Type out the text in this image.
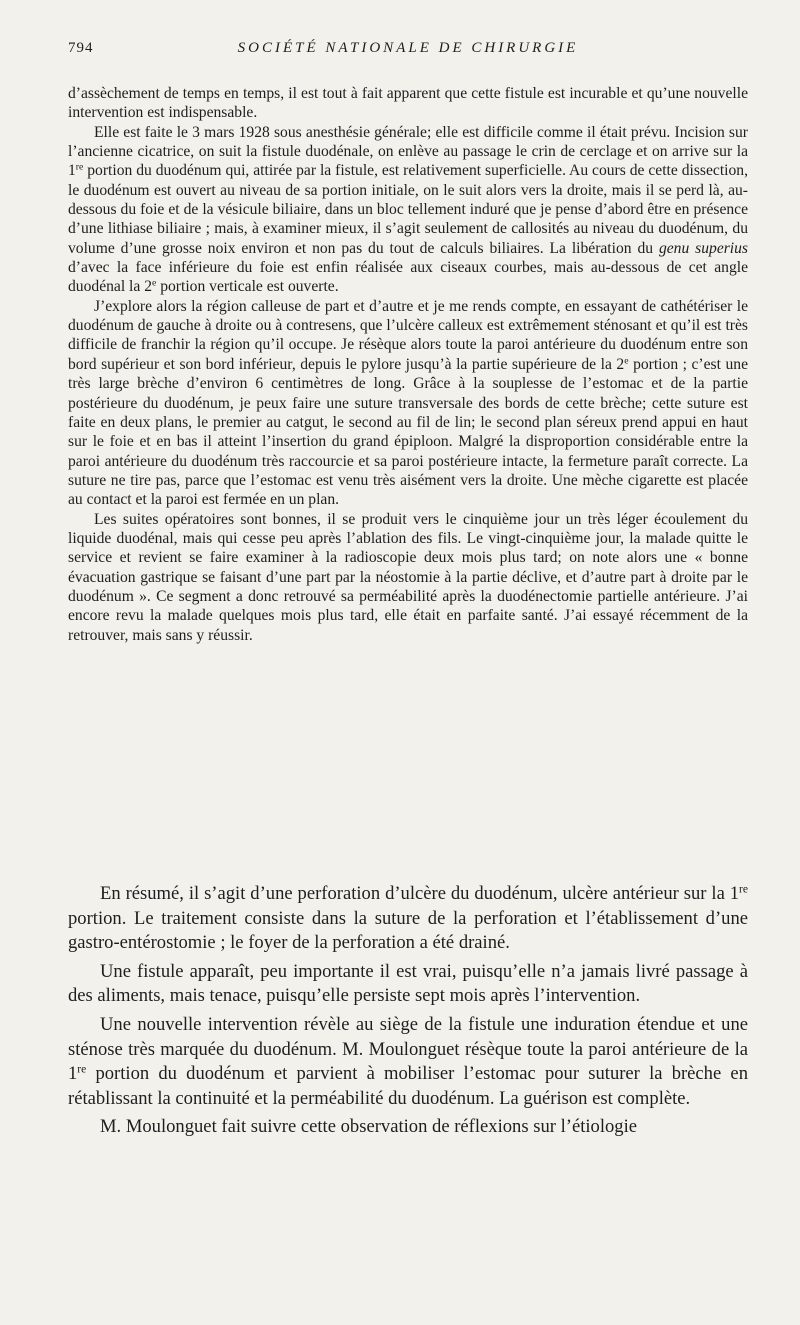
794	SOCIÉTÉ NATIONALE DE CHIRURGIE

d’assèchement de temps en temps, il est tout à fait apparent que cette fistule est incurable et qu’une nouvelle intervention est indispensable.

Elle est faite le 3 mars 1928 sous anesthésie générale; elle est difficile comme il était prévu. Incision sur l’ancienne cicatrice, on suit la fistule duodénale, on enlève au passage le crin de cerclage et on arrive sur la 1re portion du duodénum qui, attirée par la fistule, est relativement superficielle. Au cours de cette dissection, le duodénum est ouvert au niveau de sa portion initiale, on le suit alors vers la droite, mais il se perd là, au-dessous du foie et de la vésicule biliaire, dans un bloc tellement induré que je pense d’abord être en présence d’une lithiase biliaire ; mais, à examiner mieux, il s’agit seulement de callosités au niveau du duodénum, du volume d’une grosse noix environ et non pas du tout de calculs biliaires. La libération du genu superius d’avec la face inférieure du foie est enfin réalisée aux ciseaux courbes, mais au-dessous de cet angle duodénal la 2e portion verticale est ouverte.

J’explore alors la région calleuse de part et d’autre et je me rends compte, en essayant de cathétériser le duodénum de gauche à droite ou à contresens, que l’ulcère calleux est extrêmement sténosant et qu’il est très difficile de franchir la région qu’il occupe. Je résèque alors toute la paroi antérieure du duodénum entre son bord supérieur et son bord inférieur, depuis le pylore jusqu’à la partie supérieure de la 2e portion ; c’est une très large brèche d’environ 6 centimètres de long. Grâce à la souplesse de l’estomac et de la partie postérieure du duodénum, je peux faire une suture transversale des bords de cette brèche; cette suture est faite en deux plans, le premier au catgut, le second au fil de lin; le second plan séreux prend appui en haut sur le foie et en bas il atteint l’insertion du grand épiploon. Malgré la disproportion considérable entre la paroi antérieure du duodénum très raccourcie et sa paroi postérieure intacte, la fermeture paraît correcte. La suture ne tire pas, parce que l’estomac est venu très aisément vers la droite. Une mèche cigarette est placée au contact et la paroi est fermée en un plan.

Les suites opératoires sont bonnes, il se produit vers le cinquième jour un très léger écoulement du liquide duodénal, mais qui cesse peu après l’ablation des fils. Le vingt-cinquième jour, la malade quitte le service et revient se faire examiner à la radioscopie deux mois plus tard; on note alors une « bonne évacuation gastrique se faisant d’une part par la néostomie à la partie déclive, et d’autre part à droite par le duodénum ». Ce segment a donc retrouvé sa perméabilité après la duodénectomie partielle antérieure. J’ai encore revu la malade quelques mois plus tard, elle était en parfaite santé. J’ai essayé récemment de la retrouver, mais sans y réussir.

En résumé, il s’agit d’une perforation d’ulcère du duodénum, ulcère antérieur sur la 1re portion. Le traitement consiste dans la suture de la perforation et l’établissement d’une gastro-entérostomie ; le foyer de la perforation a été drainé.

Une fistule apparaît, peu importante il est vrai, puisqu’elle n’a jamais livré passage à des aliments, mais tenace, puisqu’elle persiste sept mois après l’intervention.

Une nouvelle intervention révèle au siège de la fistule une induration étendue et une sténose très marquée du duodénum. M. Moulonguet résèque toute la paroi antérieure de la 1re portion du duodénum et parvient à mobiliser l’estomac pour suturer la brèche en rétablissant la continuité et la perméabilité du duodénum. La guérison est complète.

M. Moulonguet fait suivre cette observation de réflexions sur l’étiologie
